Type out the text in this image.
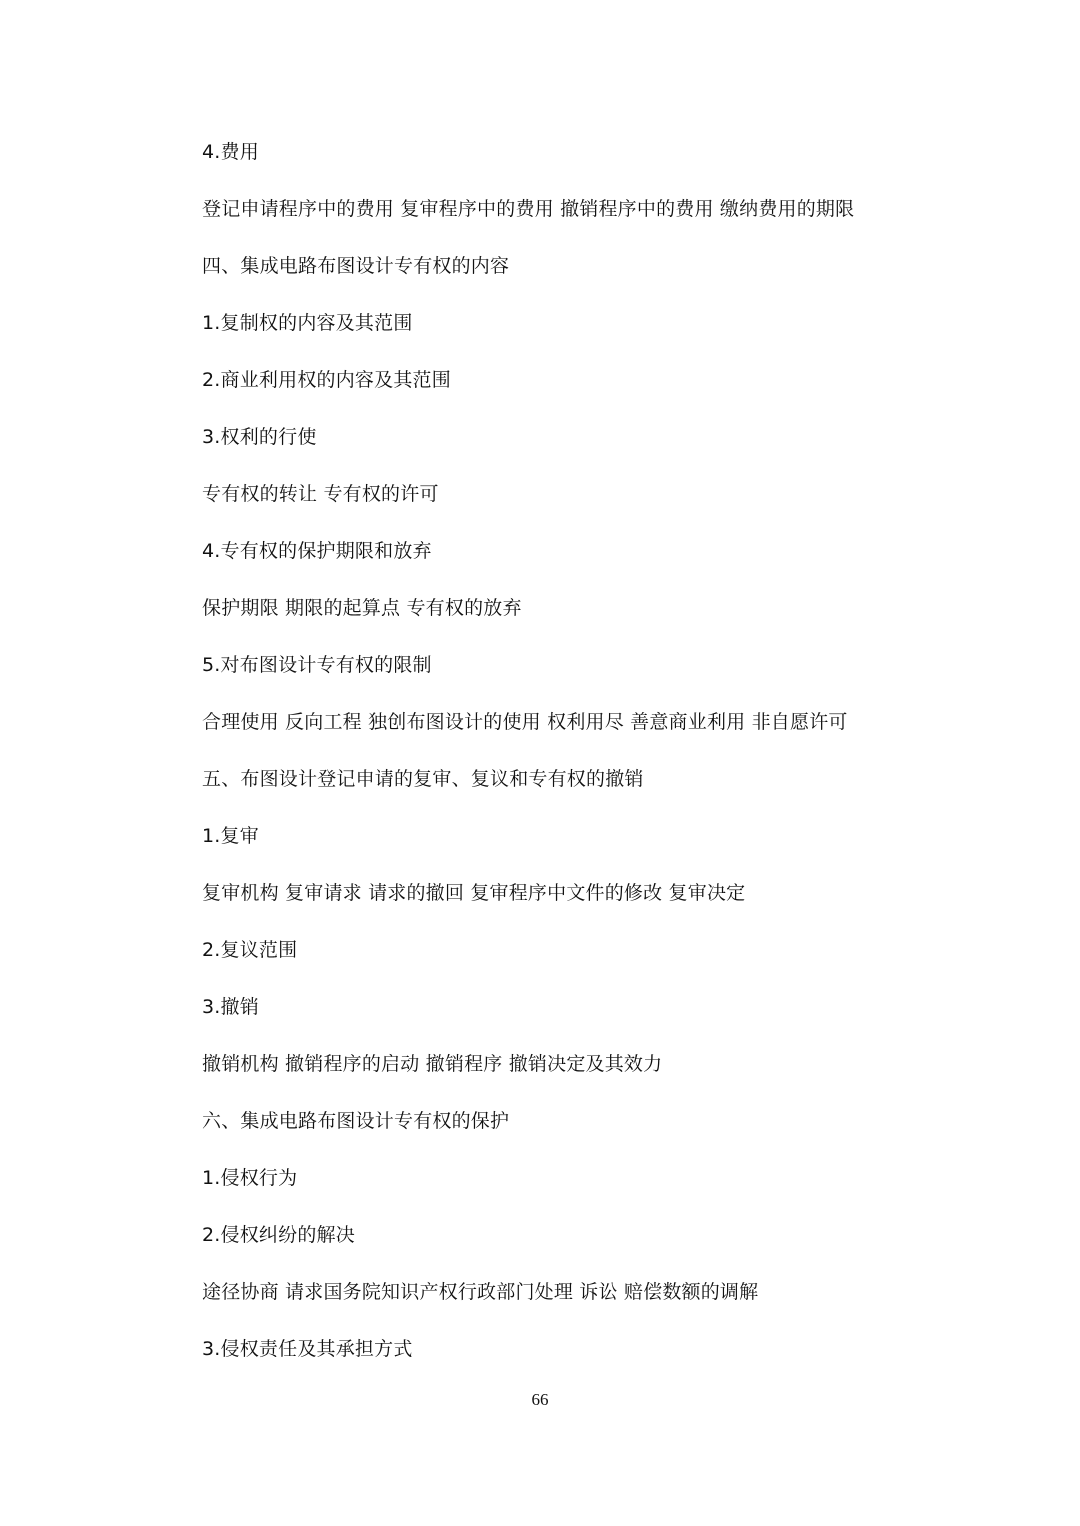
4.费用
登记申请程序中的费用 复审程序中的费用 撤销程序中的费用 缴纳费用的期限
四、集成电路布图设计专有权的内容
1.复制权的内容及其范围
2.商业利用权的内容及其范围
3.权利的行使
专有权的转让 专有权的许可
4.专有权的保护期限和放弃
保护期限 期限的起算点 专有权的放弃
5.对布图设计专有权的限制
合理使用 反向工程 独创布图设计的使用 权利用尽 善意商业利用 非自愿许可
五、布图设计登记申请的复审、复议和专有权的撤销
1.复审
复审机构 复审请求 请求的撤回 复审程序中文件的修改 复审决定
2.复议范围
3.撤销
撤销机构 撤销程序的启动 撤销程序 撤销决定及其效力
六、集成电路布图设计专有权的保护
1.侵权行为
2.侵权纠纷的解决
途径协商 请求国务院知识产权行政部门处理 诉讼 赔偿数额的调解
3.侵权责任及其承担方式
66
